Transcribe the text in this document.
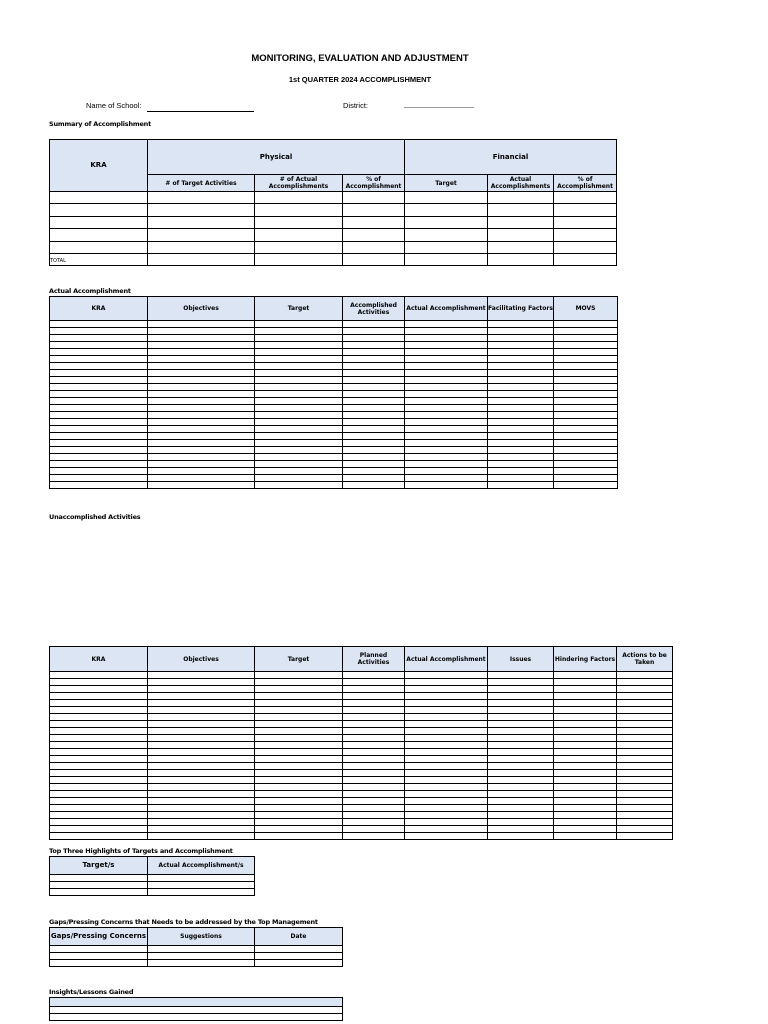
MONITORING, EVALUATION AND ADJUSTMENT
1st QUARTER 2024 ACCOMPLISHMENT
Name of School:	District:
Summary of Accomplishment
KRA	Physical			Financial		
	# of Target Activities	# of Actual Accomplishments	% of Accomplishment	Target	Actual Accomplishments	% of Accomplishment

TOTAL						
Actual Accomplishment
KRA	Objectives	Target	Accomplished Activities	Actual Accomplishment	Facilitating Factors	MOVS

Unaccomplished Activities
KRA	Objectives	Target	Planned Activities	Actual Accomplishment	Issues	Hindering Factors	Actions to be Taken

Top Three Highlights of Targets and Accomplishment
Target/s	Actual Accomplishment/s

Gaps/Pressing Concerns that Needs to be addressed by the Top Management
Gaps/Pressing Concerns	Suggestions	Date

Insights/Lessons Gained
